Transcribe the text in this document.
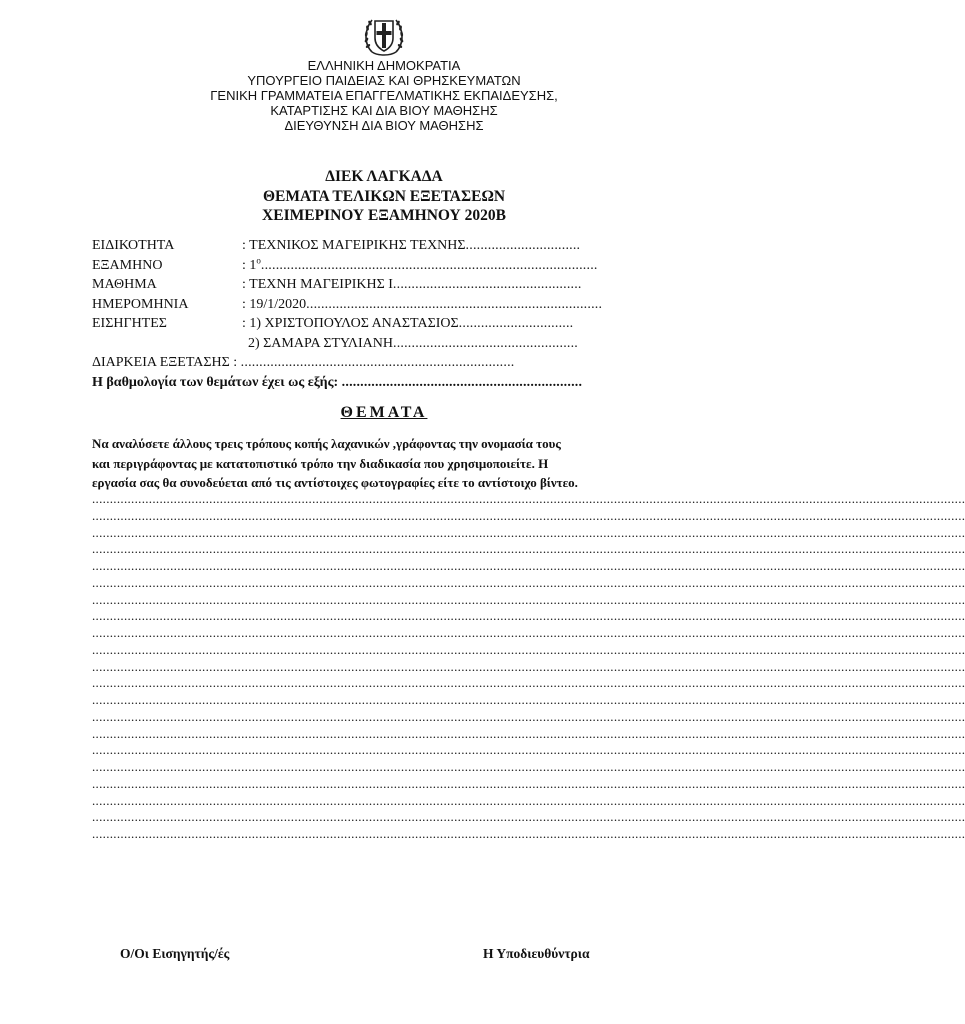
ΕΛΛΗΝΙΚΗ ΔΗΜΟΚΡΑΤΙΑ
ΥΠΟΥΡΓΕΙΟ ΠΑΙΔΕΙΑΣ ΚΑΙ ΘΡΗΣΚΕΥΜΑΤΩΝ
ΓΕΝΙΚΗ ΓΡΑΜΜΑΤΕΙΑ ΕΠΑΓΓΕΛΜΑΤΙΚΗΣ ΕΚΠΑΙΔΕΥΣΗΣ,
ΚΑΤΑΡΤΙΣΗΣ ΚΑΙ ΔΙΑ ΒΙΟΥ ΜΑΘΗΣΗΣ
ΔΙΕΥΘΥΝΣΗ ΔΙΑ ΒΙΟΥ ΜΑΘΗΣΗΣ
ΔΙΕΚ ΛΑΓΚΑΔΑ
ΘΕΜΑΤΑ ΤΕΛΙΚΩΝ ΕΞΕΤΑΣΕΩΝ
ΧΕΙΜΕΡΙΝΟΥ ΕΞΑΜΗΝΟΥ 2020Β
ΕΙΔΙΚΟΤΗΤΑ	: ΤΕΧΝΙΚΟΣ ΜΑΓΕΙΡΙΚΗΣ ΤΕΧΝΗΣ...............................
ΕΞΑΜΗΝΟ	: $1^o$...........................................................................................
ΜΑΘΗΜΑ	: ΤΕΧΝΗ ΜΑΓΕΙΡΙΚΗΣ Ι...................................................
ΗΜΕΡΟΜΗΝΙΑ	: 19/1/2020................................................................................
ΕΙΣΗΓΗΤΕΣ	: 1) ΧΡΙΣΤΟΠΟΥΛΟΣ ΑΝΑΣΤΑΣΙΟΣ...............................
2) ΣΑΜΑΡΑ ΣΤΥΛΙΑΝΗ..................................................
ΔΙΑΡΚΕΙΑ ΕΞΕΤΑΣΗΣ : ..........................................................................
Η βαθμολογία των θεμάτων έχει ως εξής: .................................................................
ΘΕΜΑΤΑ
Να αναλύσετε άλλους τρεις τρόπους κοπής λαχανικών ,γράφοντας την ονομασία τους
και περιγράφοντας με κατατοπιστικό τρόπο την διαδικασία που χρησιμοποιείτε. Η
εργασία σας θα συνοδεύεται από τις αντίστοιχες φωτογραφίες είτε το αντίστοιχο βίντεο.
......................................................................................................................................................................................................................................................
......................................................................................................................................................................................................................................................
......................................................................................................................................................................................................................................................
......................................................................................................................................................................................................................................................
......................................................................................................................................................................................................................................................
......................................................................................................................................................................................................................................................
......................................................................................................................................................................................................................................................
......................................................................................................................................................................................................................................................
......................................................................................................................................................................................................................................................
......................................................................................................................................................................................................................................................
......................................................................................................................................................................................................................................................
......................................................................................................................................................................................................................................................
......................................................................................................................................................................................................................................................
......................................................................................................................................................................................................................................................
......................................................................................................................................................................................................................................................
......................................................................................................................................................................................................................................................
......................................................................................................................................................................................................................................................
......................................................................................................................................................................................................................................................
......................................................................................................................................................................................................................................................
......................................................................................................................................................................................................................................................
......................................................................................................................................................................................................................................................
Ο/Οι Εισηγητής/ές	Η Υποδιευθύντρια
